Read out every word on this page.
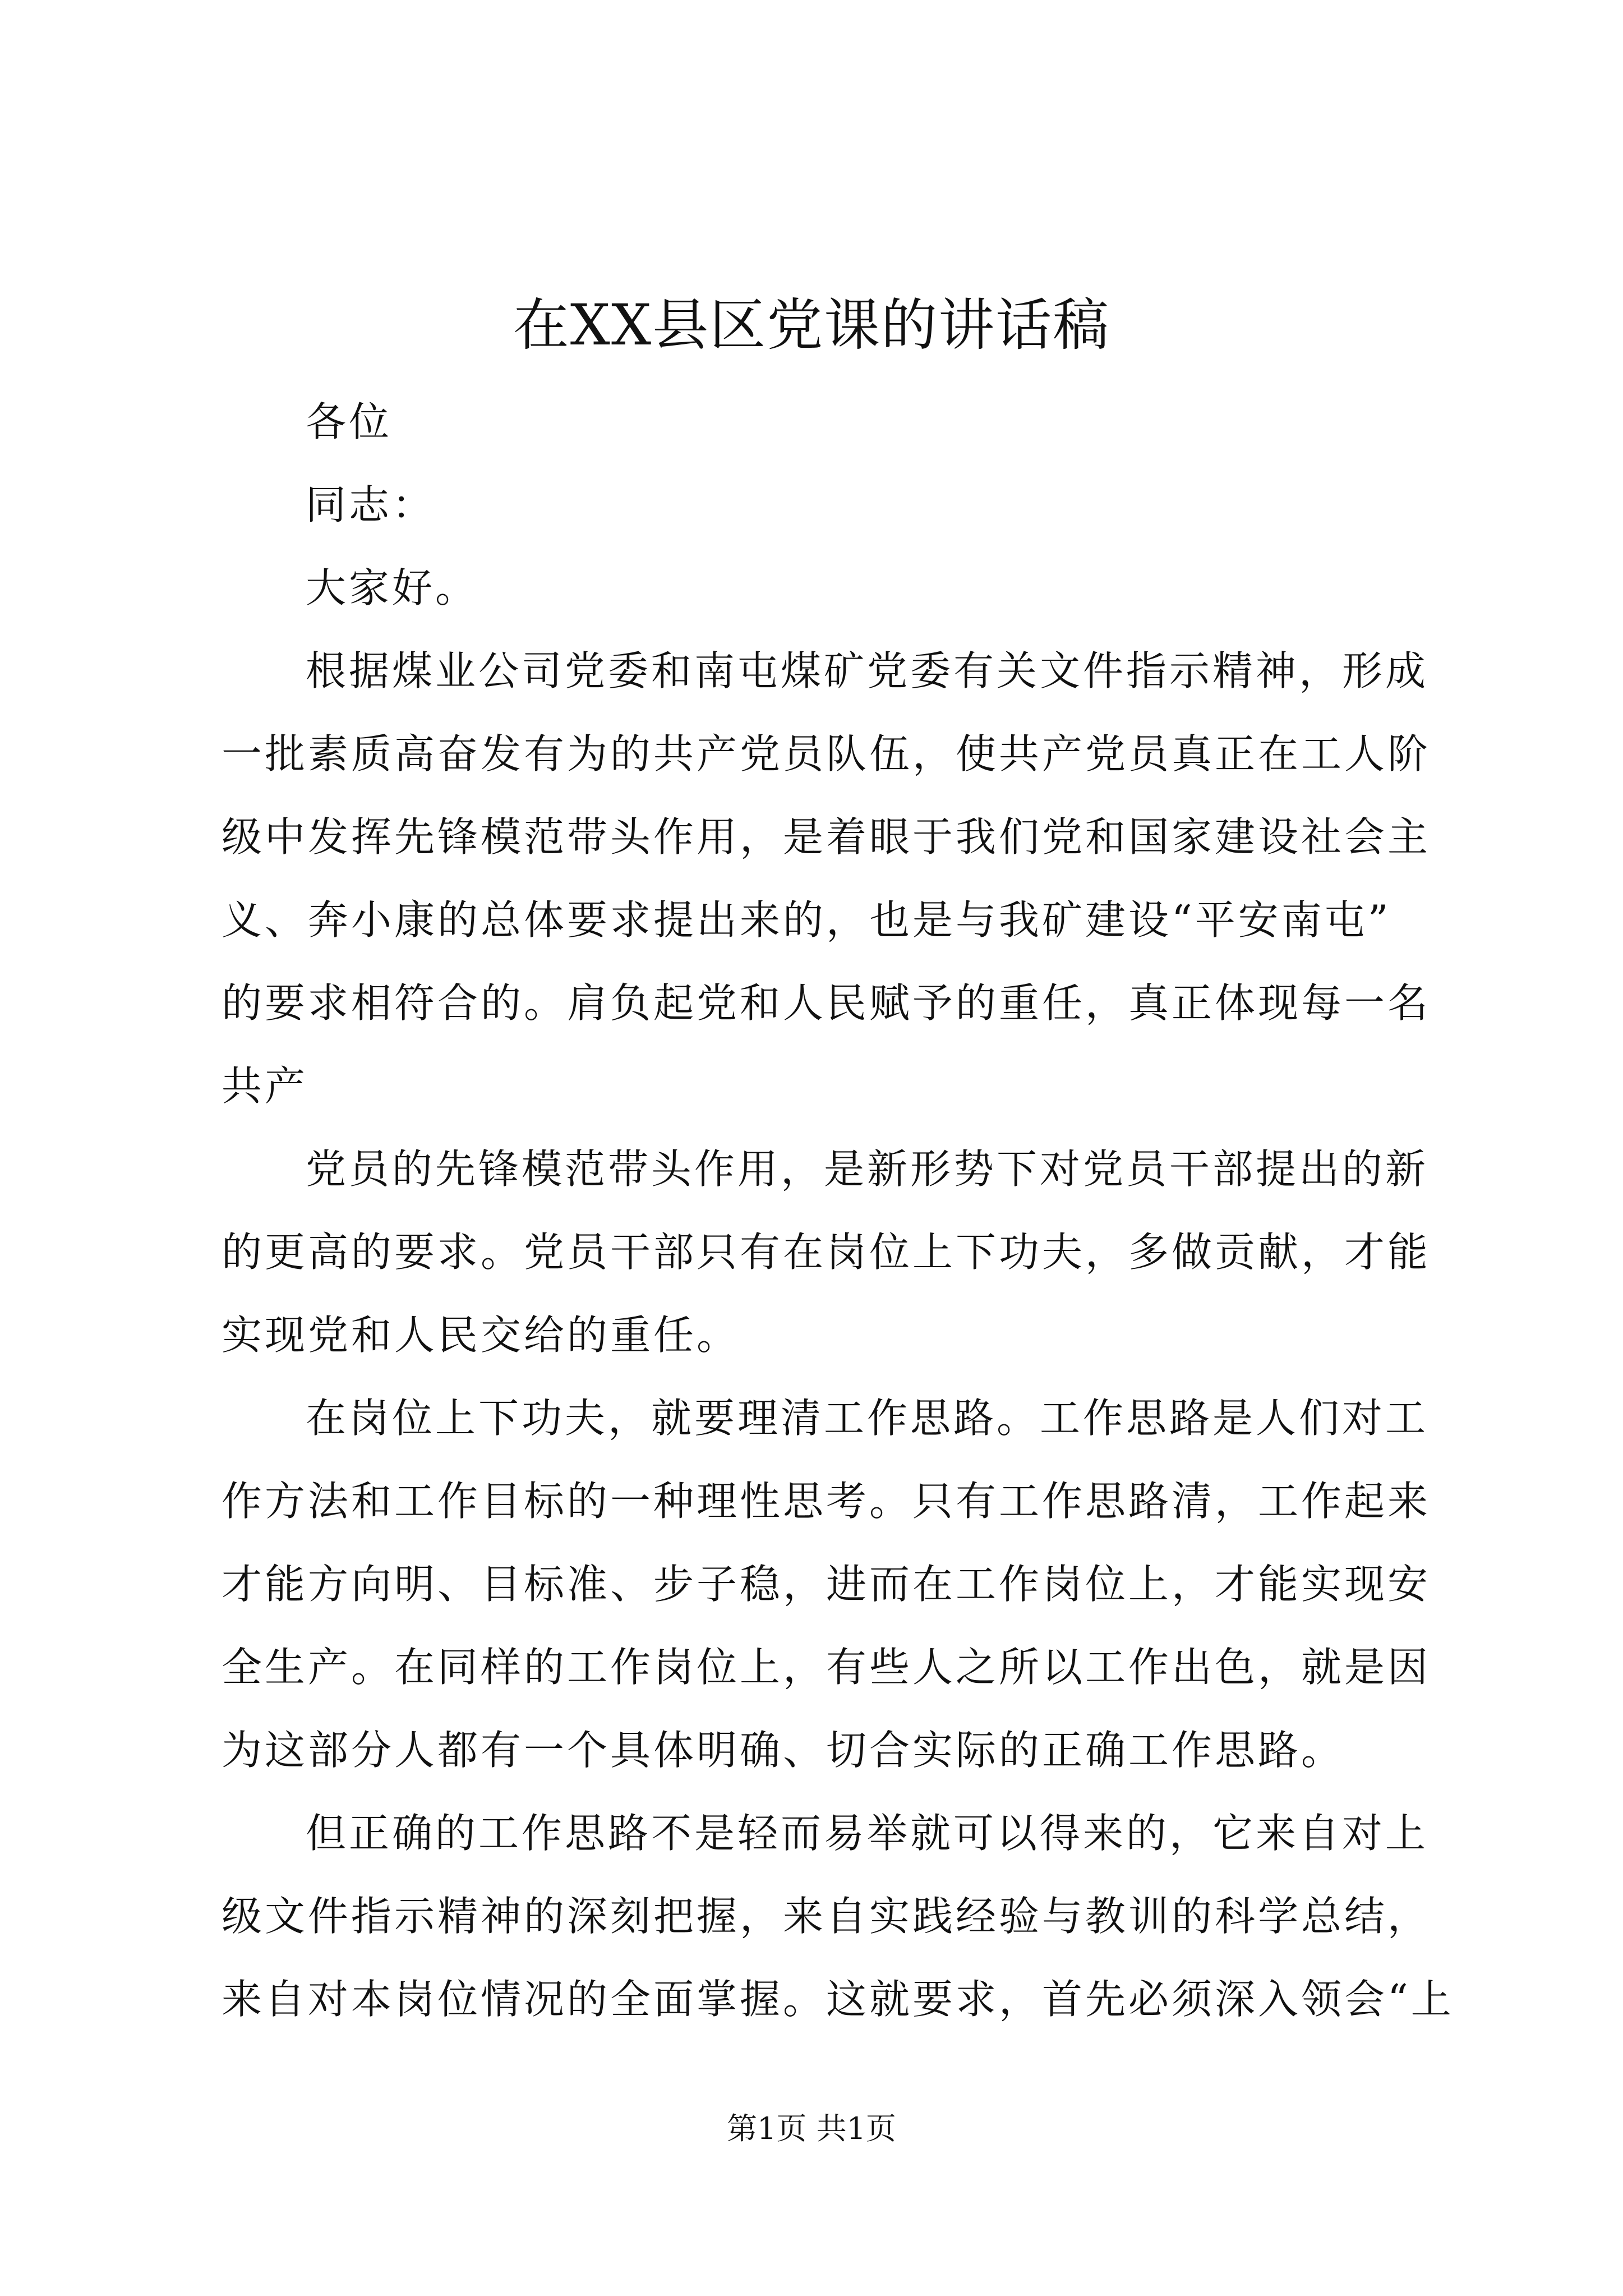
在XX县区党课的讲话稿
各位
同志：
大家好。
根据煤业公司党委和南屯煤矿党委有关文件指示精神，形成
一批素质高奋发有为的共产党员队伍，使共产党员真正在工人阶
级中发挥先锋模范带头作用，是着眼于我们党和国家建设社会主
义、奔小康的总体要求提出来的，也是与我矿建设“平安南屯”
的要求相符合的。肩负起党和人民赋予的重任，真正体现每一名
共产
党员的先锋模范带头作用，是新形势下对党员干部提出的新
的更高的要求。党员干部只有在岗位上下功夫，多做贡献，才能
实现党和人民交给的重任。
在岗位上下功夫，就要理清工作思路。工作思路是人们对工
作方法和工作目标的一种理性思考。只有工作思路清，工作起来
才能方向明、目标准、步子稳，进而在工作岗位上，才能实现安
全生产。在同样的工作岗位上，有些人之所以工作出色，就是因
为这部分人都有一个具体明确、切合实际的正确工作思路。
但正确的工作思路不是轻而易举就可以得来的，它来自对上
级文件指示精神的深刻把握，来自实践经验与教训的科学总结，
来自对本岗位情况的全面掌握。这就要求，首先必须深入领会“上
第1页 共1页
